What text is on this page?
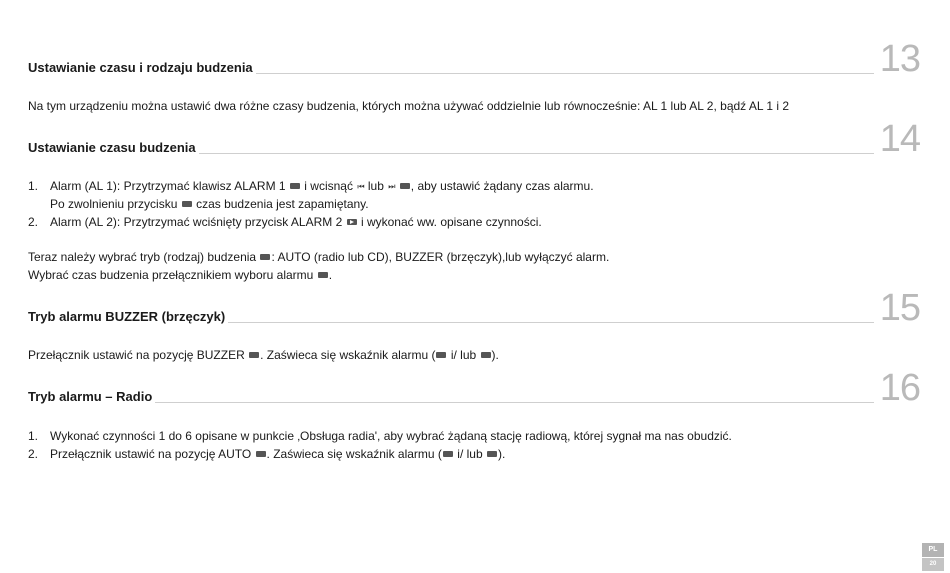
Ustawianie czasu i rodzaju budzenia	13
Na tym urządzeniu można ustawić dwa różne czasy budzenia, których można używać oddzielnie lub równocześnie: AL 1 lub AL 2, bądź AL 1 i 2
Ustawianie czasu budzenia	14
1. Alarm (AL 1): Przytrzymać klawisz ALARM 1 i wcisnąć ⏮ lub ⏭ , aby ustawić żądany czas alarmu.
Po zwolnieniu przycisku czas budzenia jest zapamiętany.
2. Alarm (AL 2): Przytrzymać wciśnięty przycisk ALARM 2 i wykonać ww. opisane czynności.
Teraz należy wybrać tryb (rodzaj) budzenia : AUTO (radio lub CD), BUZZER (brzęczyk),lub wyłączyć alarm.
Wybrać czas budzenia przełącznikiem wyboru alarmu .
Tryb alarmu BUZZER (brzęczyk)	15
Przełącznik ustawić na pozycję BUZZER . Zaświeca się wskaźnik alarmu ( i/ lub ).
Tryb alarmu – Radio	16
1. Wykonać czynności 1 do 6 opisane w punkcie ‚Obsługa radia', aby wybrać żądaną stację radiową, której sygnał ma nas obudzić.
2. Przełącznik ustawić na pozycję AUTO . Zaświeca się wskaźnik alarmu ( i/ lub ).
PL
20
